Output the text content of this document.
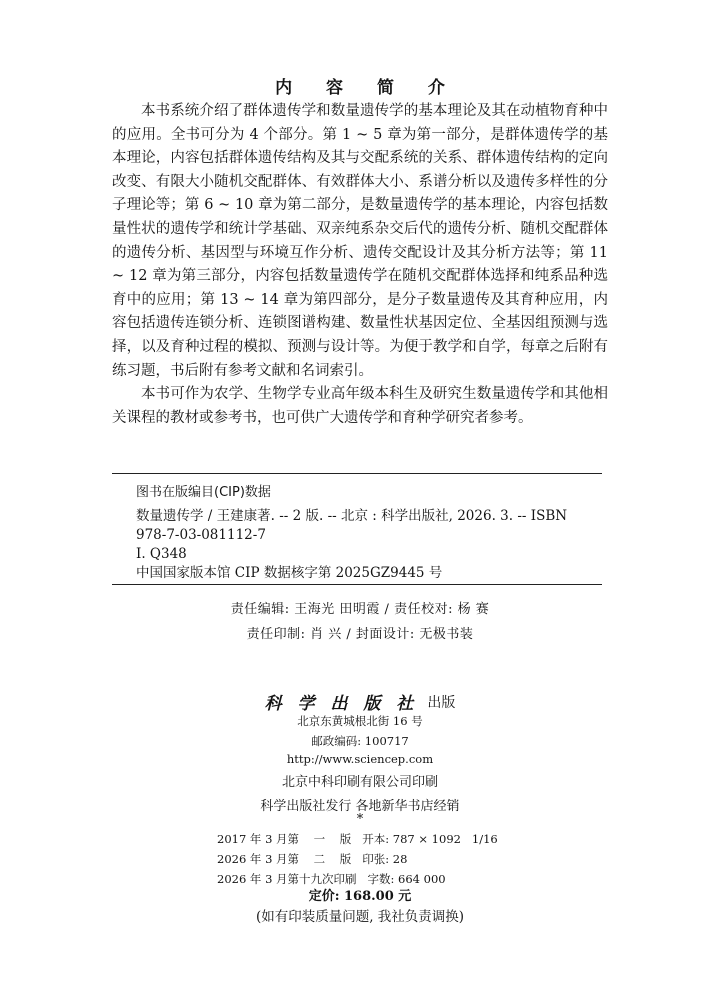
内 容 简 介

本书系统介绍了群体遗传学和数量遗传学的基本理论及其在动植物育种中的应用。全书可分为 4 个部分。第 1 ~ 5 章为第一部分，是群体遗传学的基本理论，内容包括群体遗传结构及其与交配系统的关系、群体遗传结构的定向改变、有限大小随机交配群体、有效群体大小、系谱分析以及遗传多样性的分子理论等；第 6 ~ 10 章为第二部分，是数量遗传学的基本理论，内容包括数量性状的遗传学和统计学基础、双亲纯系杂交后代的遗传分析、随机交配群体的遗传分析、基因型与环境互作分析、遗传交配设计及其分析方法等；第 11 ~ 12 章为第三部分，内容包括数量遗传学在随机交配群体选择和纯系品种选育中的应用；第 13 ~ 14 章为第四部分，是分子数量遗传及其育种应用，内容包括遗传连锁分析、连锁图谱构建、数量性状基因定位、全基因组预测与选择，以及育种过程的模拟、预测与设计等。为便于教学和自学，每章之后附有练习题，书后附有参考文献和名词索引。

本书可作为农学、生物学专业高年级本科生及研究生数量遗传学和其他相关课程的教材或参考书，也可供广大遗传学和育种学研究者参考。

图书在版编目(CIP)数据
数量遗传学 / 王建康著. -- 2 版. -- 北京 : 科学出版社, 2026. 3. -- ISBN
978-7-03-081112-7
I. Q348
中国国家版本馆 CIP 数据核字第 2025GZ9445 号
责任编辑: 王海光 田明霞 / 责任校对: 杨 赛
责任印制: 肖 兴 / 封面设计: 无极书装
科 学 出 版 社 出版
北京东黄城根北街 16 号
邮政编码: 100717
http://www.sciencep.com
北京中科印刷有限公司印刷
科学出版社发行 各地新华书店经销
*
2017 年 3 月第    一    版   开本: 787 × 1092   1/16
2026 年 3 月第    二    版   印张: 28
2026 年 3 月第十九次印刷   字数: 664 000
定价: 168.00 元
(如有印装质量问题, 我社负责调换)
